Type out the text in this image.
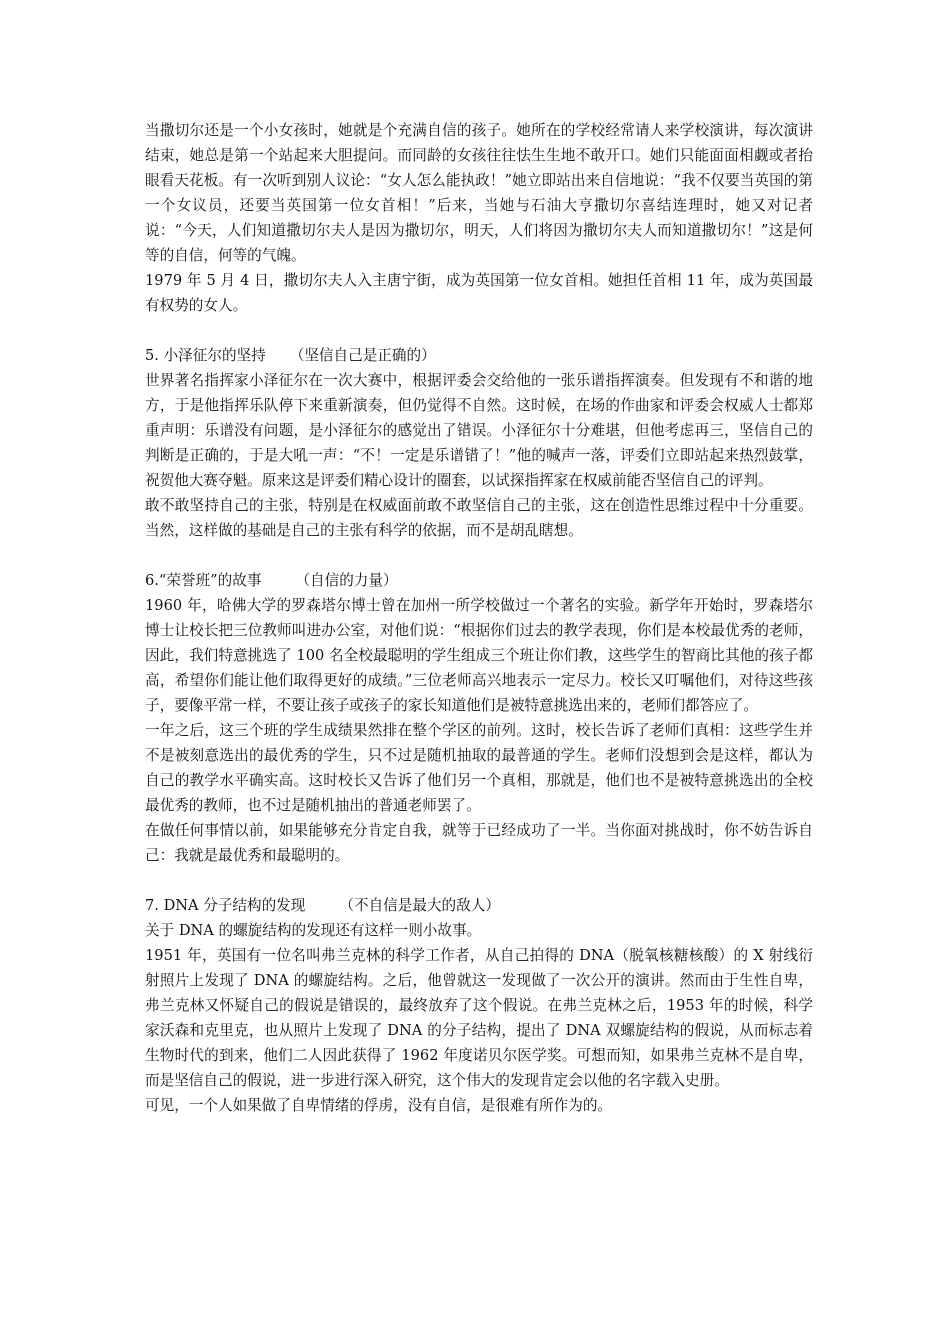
当撒切尔还是一个小女孩时，她就是个充满自信的孩子。她所在的学校经常请人来学校演讲，每次演讲结束，她总是第一个站起来大胆提问。而同龄的女孩往往怯生生地不敢开口。她们只能面面相觑或者抬眼看天花板。有一次听到别人议论：“女人怎么能执政！”她立即站出来自信地说：“我不仅要当英国的第一个女议员，还要当英国第一位女首相！”后来，当她与石油大亨撒切尔喜结连理时，她又对记者说：“今天，人们知道撒切尔夫人是因为撒切尔，明天，人们将因为撒切尔夫人而知道撒切尔！”这是何等的自信，何等的气魄。

1979 年 5 月 4 日，撒切尔夫人入主唐宁街，成为英国第一位女首相。她担任首相 11 年，成为英国最有权势的女人。

5. 小泽征尔的坚持 （坚信自己是正确的）

世界著名指挥家小泽征尔在一次大赛中，根据评委会交给他的一张乐谱指挥演奏。但发现有不和谐的地方，于是他指挥乐队停下来重新演奏，但仍觉得不自然。这时候，在场的作曲家和评委会权威人士都郑重声明：乐谱没有问题，是小泽征尔的感觉出了错误。小泽征尔十分难堪，但他考虑再三，坚信自己的判断是正确的，于是大吼一声：“不！一定是乐谱错了！”他的喊声一落，评委们立即站起来热烈鼓掌，祝贺他大赛夺魁。原来这是评委们精心设计的圈套，以试探指挥家在权威前能否坚信自己的评判。

敢不敢坚持自己的主张，特别是在权威面前敢不敢坚信自己的主张，这在创造性思维过程中十分重要。当然，这样做的基础是自己的主张有科学的依据，而不是胡乱瞎想。

6.“荣誉班”的故事 （自信的力量）

1960 年，哈佛大学的罗森塔尔博士曾在加州一所学校做过一个著名的实验。新学年开始时，罗森塔尔博士让校长把三位教师叫进办公室，对他们说：“根据你们过去的教学表现，你们是本校最优秀的老师，因此，我们特意挑选了 100 名全校最聪明的学生组成三个班让你们教，这些学生的智商比其他的孩子都高，希望你们能让他们取得更好的成绩。”三位老师高兴地表示一定尽力。校长又叮嘱他们，对待这些孩子，要像平常一样，不要让孩子或孩子的家长知道他们是被特意挑选出来的，老师们都答应了。

一年之后，这三个班的学生成绩果然排在整个学区的前列。这时，校长告诉了老师们真相：这些学生并不是被刻意选出的最优秀的学生，只不过是随机抽取的最普通的学生。老师们没想到会是这样，都认为自己的教学水平确实高。这时校长又告诉了他们另一个真相，那就是，他们也不是被特意挑选出的全校最优秀的教师，也不过是随机抽出的普通老师罢了。

在做任何事情以前，如果能够充分肯定自我，就等于已经成功了一半。当你面对挑战时，你不妨告诉自己：我就是最优秀和最聪明的。

7. DNA 分子结构的发现 （不自信是最大的敌人）

关于 DNA 的螺旋结构的发现还有这样一则小故事。

1951 年，英国有一位名叫弗兰克林的科学工作者，从自己拍得的 DNA（脱氧核糖核酸）的 X 射线衍射照片上发现了 DNA 的螺旋结构。之后，他曾就这一发现做了一次公开的演讲。然而由于生性自卑，弗兰克林又怀疑自己的假说是错误的，最终放弃了这个假说。在弗兰克林之后，1953 年的时候，科学家沃森和克里克，也从照片上发现了 DNA 的分子结构，提出了 DNA 双螺旋结构的假说，从而标志着生物时代的到来，他们二人因此获得了 1962 年度诺贝尔医学奖。可想而知，如果弗兰克林不是自卑，而是坚信自己的假说，进一步进行深入研究，这个伟大的发现肯定会以他的名字载入史册。

可见，一个人如果做了自卑情绪的俘虏，没有自信，是很难有所作为的。
